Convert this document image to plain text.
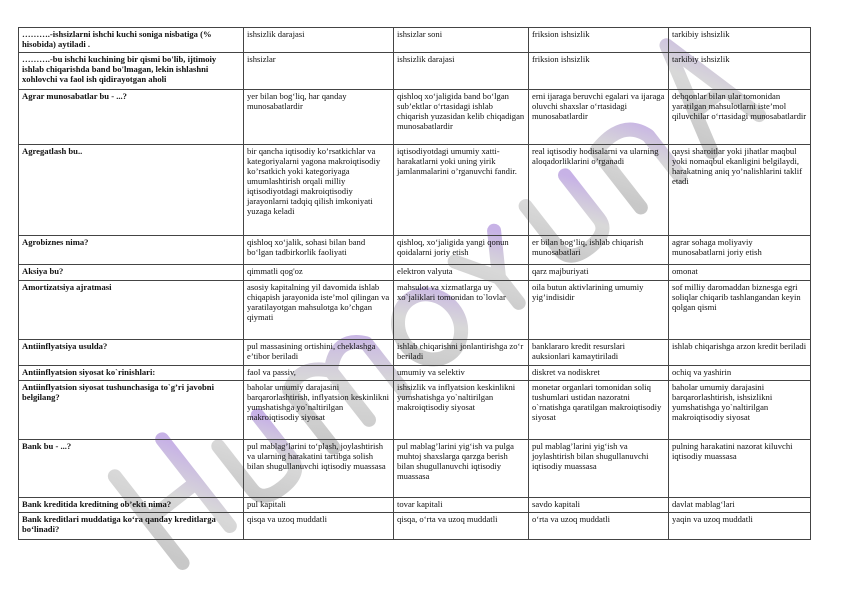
……….-ishsizlarni ishchi kuchi soniga nisbatiga (% hisobida) aytiladi .	ishsizlik darajasi	ishsizlar soni	friksion ishsizlik	tarkibiy ishsizlik
……….-bu ishchi kuchining bir qismi bo'lib, ijtimoiy ishlab chiqarishda band bo'lmagan, lekin ishlashni xohlovchi va faol ish qidirayotgan aholi	ishsizlar	ishsizlik darajasi	friksion ishsizlik	tarkibiy ishsizlik
Agrar munosabatlar bu - ...?	yer bilan bog‘liq, har qanday munosabatlardir	qishloq xo‘jaligida band bo‘lgan sub’ektlar o‘rtasidagi ishlab chiqarish yuzasidan kelib chiqadigan munosabatlardir	erni ijaraga beruvchi egalari va ijaraga oluvchi shaxslar o‘rtasidagi munosabatlardir	dehqonlar bilan ular tomonidan yaratilgan mahsulotlarni iste’mol qiluvchilar o‘rtasidagi munosabatlardir
Agregatlash bu..	bir qancha iqtisodiy ko’rsatkichlar va kategoriyalarni yagona makroiqtisodiy ko’rsatkich yoki kategoriyaga umumlashtirish orqali milliy iqtisodiyotdagi makroiqtisodiy jarayonlarni tadqiq qilish imkoniyati yuzaga keladi	iqtisodiyotdagi umumiy xatti-harakatlarni yoki uning yirik jamlanmalarini o’rganuvchi fandir.	real iqtisodiy hodisalarni va ularning aloqadorliklarini o’rganadi	qaysi sharoitlar yoki jihatlar maqbul yoki nomaqbul ekanligini belgilaydi, harakatning aniq yo’nalishlarini taklif etadi
Agrobiznes nima?	qishloq xo‘jalik, sohasi bilan band bo‘lgan tadbirkorlik faoliyati	qishloq, xo‘jaligida yangi qonun qoidalarni joriy etish	er bilan bog‘liq, ishlab chiqarish munosabatlari	agrar sohaga moliyaviy munosabatlarni joriy etish
Aksiya bu?	qimmatli qog'oz	elektron valyuta	qarz majburiyati	omonat
Amortizatsiya ajratmasi	asosiy kapitalning yil davomida ishlab chiqapish jarayonida iste’mol qilingan va yaratilayotgan mahsulotga ko’chgan qiymati	mahsulot va xizmatlarga uy xo`jaliklari tomonidan to`lovlar	oila butun aktivlarining umumiy yig’indisidir	sof milliy daromaddan biznesga egri soliqlar chiqarib tashlangandan keyin qolgan qismi
Antiinflyatsiya usulda?	pul massasining ortishini, cheklashga e’tibor beriladi	ishlab chiqarishni jonlantirishga zo‘r beriladi	banklararo kredit resurslari auksionlari kamaytiriladi	ishlab chiqarishga arzon kredit beriladi
Antiinflyatsion siyosat ko`rinishlari:	faol va passiv,	umumiy va selektiv	diskret va nodiskret	ochiq va yashirin
Antiinflyatsion siyosat tushunchasiga to`g’ri javobni belgilang?	baholar umumiy darajasini barqarorlashtirish, inflyatsion keskinlikni yumshatishga yo`naltirilgan makroiqtisodiy siyosat	ishsizlik va inflyatsion keskinlikni yumshatishga yo`naltirilgan makroiqtisodiy siyosat	monetar organlari tomonidan soliq tushumlari ustidan nazoratni o`rnatishga qaratilgan makroiqtisodiy siyosat	baholar umumiy darajasini barqarorlashtirish, ishsizlikni yumshatishga yo`naltirilgan makroiqtisodiy siyosat
Bank bu - ...?	pul mablag’larini to‘plash, joylashtirish va ularning harakatini tartibga solish bilan shugullanuvchi iqtisodiy muassasa	pul mablag’larini yig‘ish va pulga muhtoj shaxslarga qarzga berish bilan shugullanuvchi iqtisodiy muassasa	pul mablag’larini yig‘ish va joylashtirish bilan shugullanuvchi iqtisodiy muassasa	pulning harakatini nazorat kiluvchi iqtisodiy muassasa
Bank kreditida kreditning ob’ekti nima?	pul kapitali	tovar kapitali	savdo kapitali	davlat mablag‘lari
Bank kreditlari muddatiga ko‘ra qanday kreditlarga bo‘linadi?	qisqa va uzoq muddatli	qisqa, o‘rta va uzoq muddatli	o‘rta va uzoq muddatli	yaqin va uzoq muddatli
